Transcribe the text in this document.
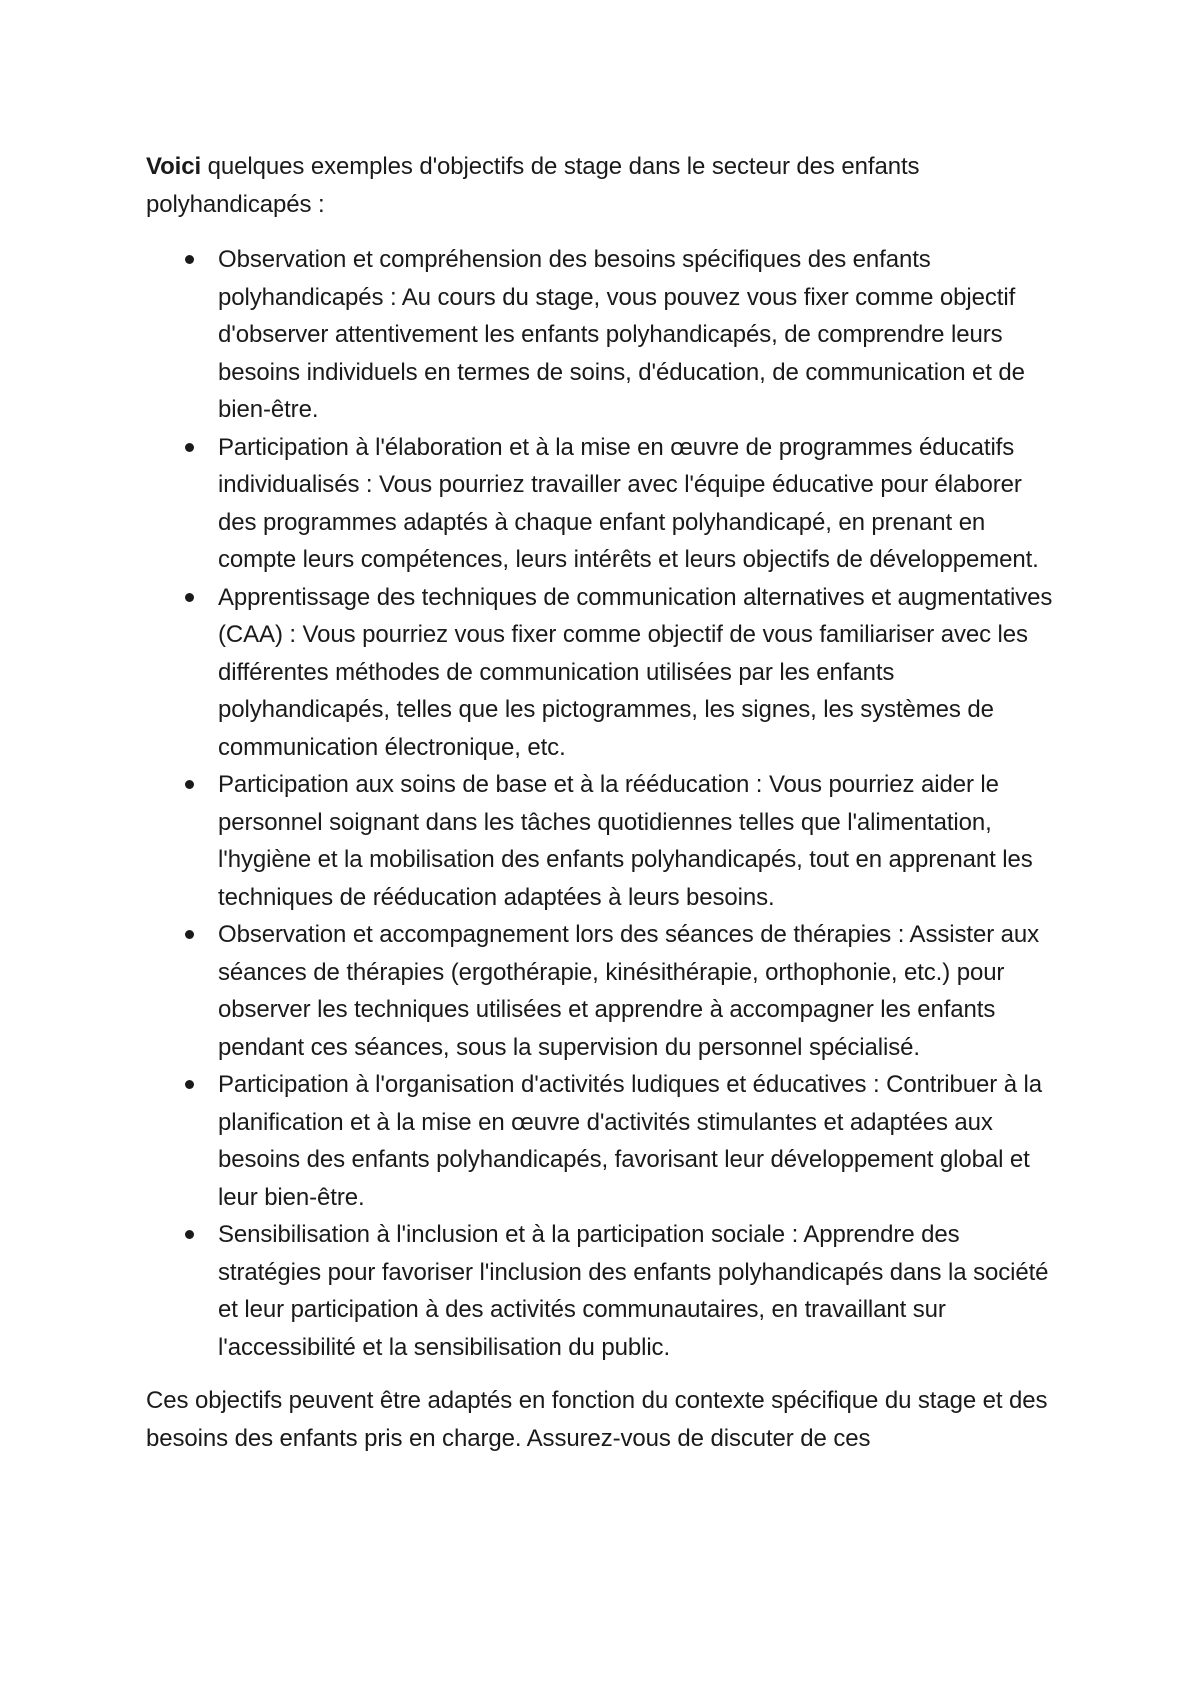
Voici quelques exemples d'objectifs de stage dans le secteur des enfants polyhandicapés :

Observation et compréhension des besoins spécifiques des enfants polyhandicapés : Au cours du stage, vous pouvez vous fixer comme objectif d'observer attentivement les enfants polyhandicapés, de comprendre leurs besoins individuels en termes de soins, d'éducation, de communication et de bien-être.
Participation à l'élaboration et à la mise en œuvre de programmes éducatifs individualisés : Vous pourriez travailler avec l'équipe éducative pour élaborer des programmes adaptés à chaque enfant polyhandicapé, en prenant en compte leurs compétences, leurs intérêts et leurs objectifs de développement.
Apprentissage des techniques de communication alternatives et augmentatives (CAA) : Vous pourriez vous fixer comme objectif de vous familiariser avec les différentes méthodes de communication utilisées par les enfants polyhandicapés, telles que les pictogrammes, les signes, les systèmes de communication électronique, etc.
Participation aux soins de base et à la rééducation : Vous pourriez aider le personnel soignant dans les tâches quotidiennes telles que l'alimentation, l'hygiène et la mobilisation des enfants polyhandicapés, tout en apprenant les techniques de rééducation adaptées à leurs besoins.
Observation et accompagnement lors des séances de thérapies : Assister aux séances de thérapies (ergothérapie, kinésithérapie, orthophonie, etc.) pour observer les techniques utilisées et apprendre à accompagner les enfants pendant ces séances, sous la supervision du personnel spécialisé.
Participation à l'organisation d'activités ludiques et éducatives : Contribuer à la planification et à la mise en œuvre d'activités stimulantes et adaptées aux besoins des enfants polyhandicapés, favorisant leur développement global et leur bien-être.
Sensibilisation à l'inclusion et à la participation sociale : Apprendre des stratégies pour favoriser l'inclusion des enfants polyhandicapés dans la société et leur participation à des activités communautaires, en travaillant sur l'accessibilité et la sensibilisation du public.

Ces objectifs peuvent être adaptés en fonction du contexte spécifique du stage et des besoins des enfants pris en charge. Assurez-vous de discuter de ces
